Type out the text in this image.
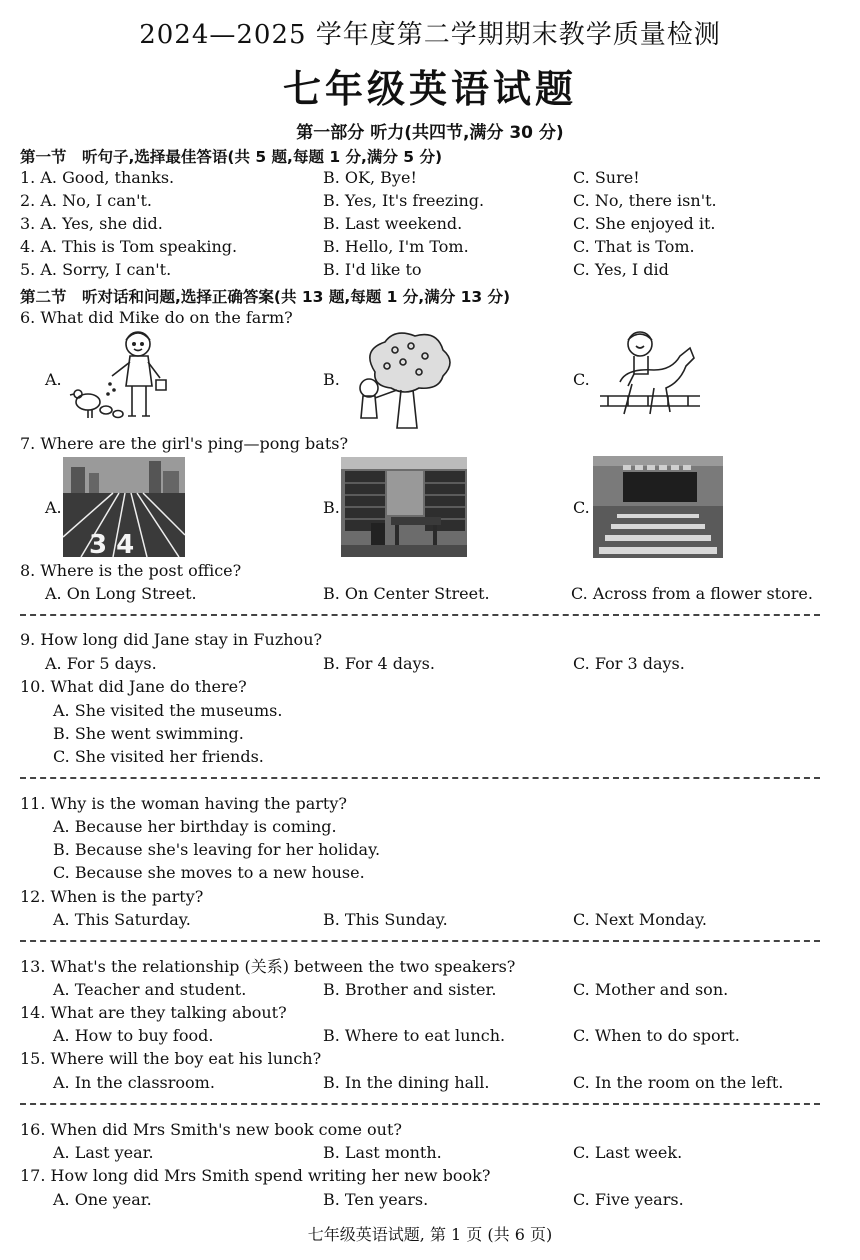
2024—2025 学年度第二学期期末教学质量检测
七年级英语试题
第一部分 听力(共四节,满分 30 分)
第一节　听句子,选择最佳答语(共 5 题,每题 1 分,满分 5 分)
1. A. Good, thanks.	B. OK, Bye!	C. Sure!
2. A. No, I can't.	B. Yes, It's freezing.	C. No, there isn't.
3. A. Yes, she did.	B. Last weekend.	C. She enjoyed it.
4. A. This is Tom speaking.	B. Hello, I'm Tom.	C. That is Tom.
5. A. Sorry, I can't.	B. I'd like to	C. Yes, I did
第二节　听对话和问题,选择正确答案(共 13 题,每题 1 分,满分 13 分)
6. What did Mike do on the farm?
A.	B.	C.
7. Where are the girl's ping—pong bats?
A.	B.	C.
3 4
8. Where is the post office?
A. On Long Street.	B. On Center Street.	C. Across from a flower store.
9. How long did Jane stay in Fuzhou?
A. For 5 days.	B. For 4 days.	C. For 3 days.
10. What did Jane do there?
A. She visited the museums.
B. She went swimming.
C. She visited her friends.
11. Why is the woman having the party?
A. Because her birthday is coming.
B. Because she's leaving for her holiday.
C. Because she moves to a new house.
12. When is the party?
A. This Saturday.	B. This Sunday.	C. Next Monday.
13. What's the relationship (关系) between the two speakers?
A. Teacher and student.	B. Brother and sister.	C. Mother and son.
14. What are they talking about?
A. How to buy food.	B. Where to eat lunch.	C. When to do sport.
15. Where will the boy eat his lunch?
A. In the classroom.	B. In the dining hall.	C. In the room on the left.
16. When did Mrs Smith's new book come out?
A. Last year.	B. Last month.	C. Last week.
17. How long did Mrs Smith spend writing her new book?
A. One year.	B. Ten years.	C. Five years.
七年级英语试题, 第 1 页 (共 6 页)
